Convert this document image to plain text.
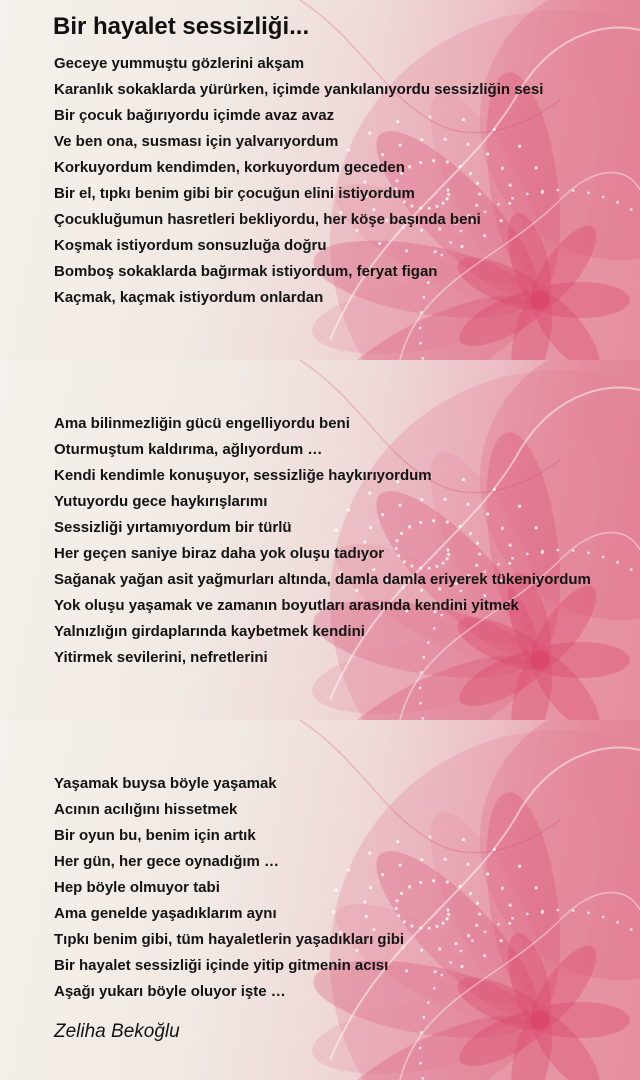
Bir hayalet sessizliği...
Geceye yummuştu gözlerini akşam
Karanlık sokaklarda yürürken, içimde yankılanıyordu sessizliğin sesi
Bir çocuk bağırıyordu içimde avaz avaz
Ve ben ona, susması için yalvarıyordum
Korkuyordum kendimden, korkuyordum geceden
Bir el, tıpkı benim gibi bir çocuğun elini istiyordum
Çocukluğumun hasretleri bekliyordu, her köşe başında beni
Koşmak istiyordum sonsuzluğa doğru
Bomboş sokaklarda bağırmak istiyordum, feryat figan
Kaçmak, kaçmak istiyordum onlardan
Ama bilinmezliğin gücü engelliyordu beni
Oturmuştum kaldırıma, ağlıyordum …
Kendi kendimle konuşuyor, sessizliğe haykırıyordum
Yutuyordu gece haykırışlarımı
Sessizliği yırtamıyordum bir türlü
Her geçen saniye biraz daha yok oluşu tadıyor
Sağanak yağan asit yağmurları altında, damla damla eriyerek tükeniyordum
Yok oluşu yaşamak ve zamanın boyutları arasında kendini yitmek
Yalnızlığın girdaplarında kaybetmek kendini
Yitirmek sevilerini, nefretlerini
Yaşamak buysa böyle yaşamak
Acının acılığını hissetmek
Bir oyun bu, benim için artık
Her gün, her gece oynadığım …
Hep böyle olmuyor tabi
Ama genelde yaşadıklarım aynı
Tıpkı benim gibi, tüm hayaletlerin yaşadıkları gibi
Bir hayalet sessizliği içinde yitip gitmenin acısı
Aşağı yukarı böyle oluyor işte …
Zeliha Bekoğlu
